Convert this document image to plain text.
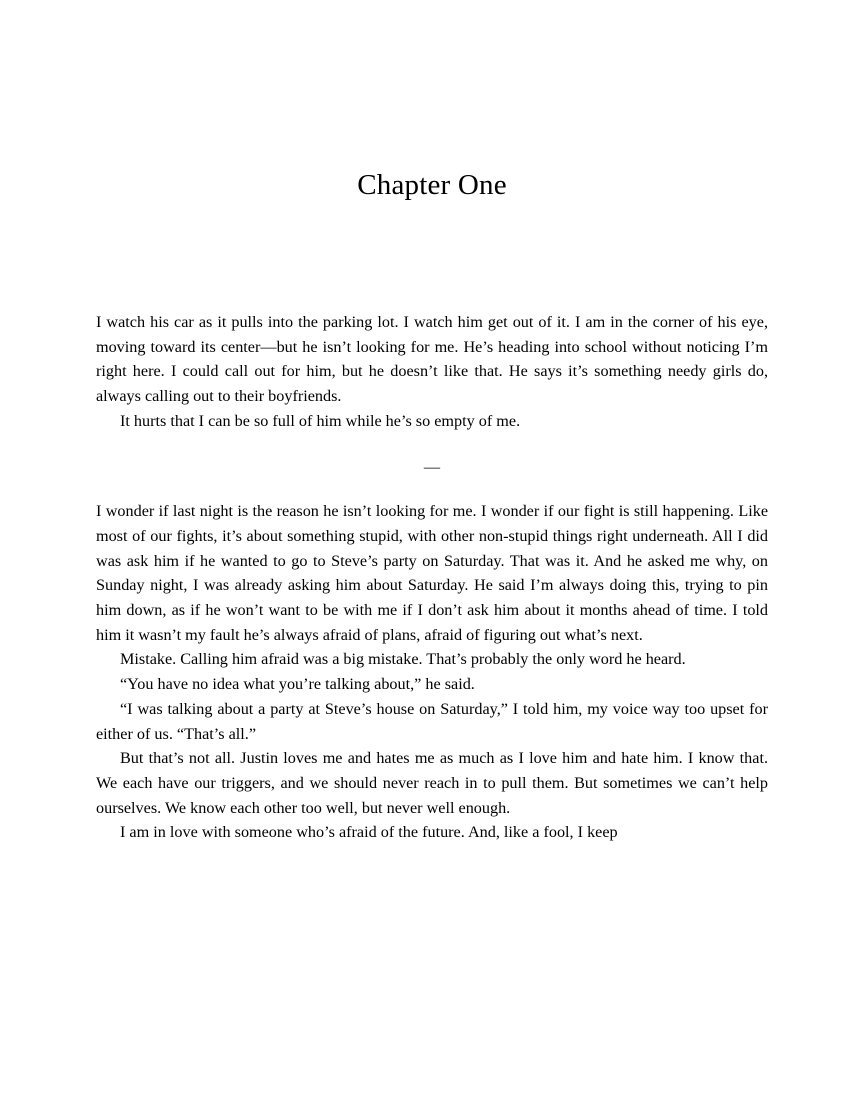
Chapter One

I watch his car as it pulls into the parking lot. I watch him get out of it. I am in the corner of his eye, moving toward its center—but he isn’t looking for me. He’s heading into school without noticing I’m right here. I could call out for him, but he doesn’t like that. He says it’s something needy girls do, always calling out to their boyfriends.

It hurts that I can be so full of him while he’s so empty of me.

—

I wonder if last night is the reason he isn’t looking for me. I wonder if our fight is still happening. Like most of our fights, it’s about something stupid, with other non-stupid things right underneath. All I did was ask him if he wanted to go to Steve’s party on Saturday. That was it. And he asked me why, on Sunday night, I was already asking him about Saturday. He said I’m always doing this, trying to pin him down, as if he won’t want to be with me if I don’t ask him about it months ahead of time. I told him it wasn’t my fault he’s always afraid of plans, afraid of figuring out what’s next.

Mistake. Calling him afraid was a big mistake. That’s probably the only word he heard.

“You have no idea what you’re talking about,” he said.

“I was talking about a party at Steve’s house on Saturday,” I told him, my voice way too upset for either of us. “That’s all.”

But that’s not all. Justin loves me and hates me as much as I love him and hate him. I know that. We each have our triggers, and we should never reach in to pull them. But sometimes we can’t help ourselves. We know each other too well, but never well enough.

I am in love with someone who’s afraid of the future. And, like a fool, I keep
